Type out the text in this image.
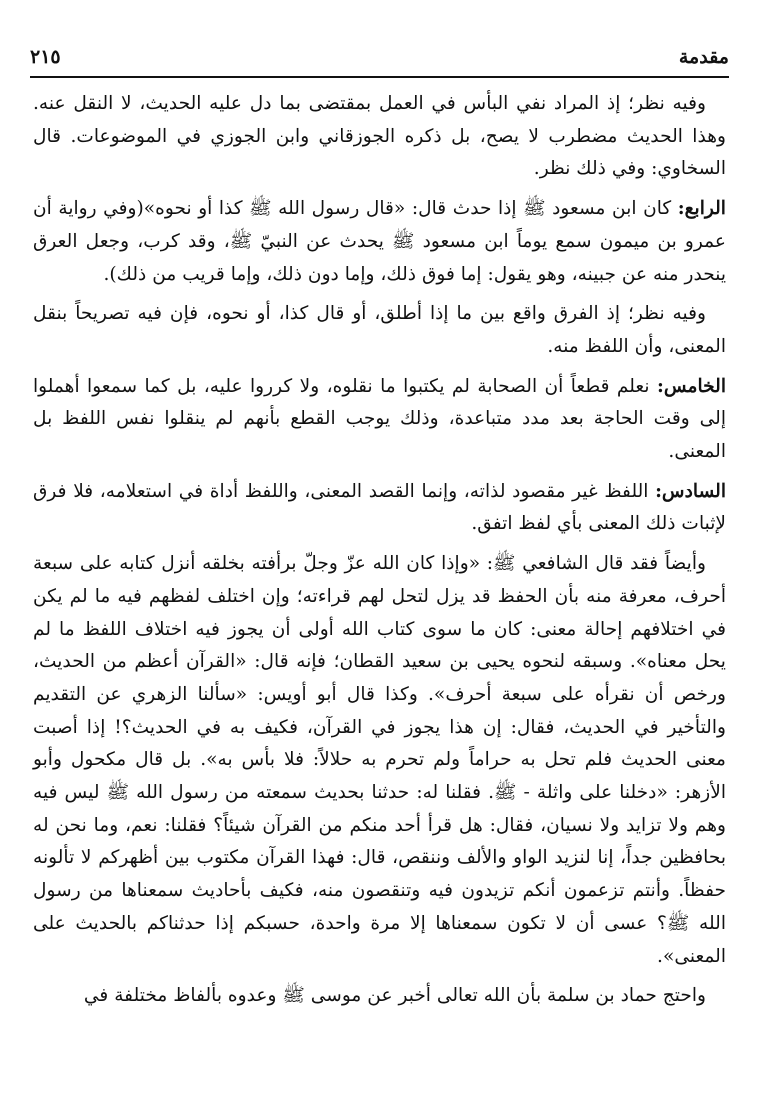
مقدمة
٢١٥

وفيه نظر؛ إذ المراد نفي البأس في العمل بمقتضى بما دل عليه الحديث، لا النقل عنه. وهذا الحديث مضطرب لا يصح، بل ذكره الجوزقاني وابن الجوزي في الموضوعات. قال السخاوي: وفي ذلك نظر.

الرابع: كان ابن مسعود ﷺ إذا حدث قال: «قال رسول الله ﷺ كذا أو نحوه»(وفي رواية أن عمرو بن ميمون سمع يوماً ابن مسعود ﷺ يحدث عن النبيّ ﷺ، وقد كرب، وجعل العرق ينحدر منه عن جبينه، وهو يقول: إما فوق ذلك، وإما دون ذلك، وإما قريب من ذلك).

وفيه نظر؛ إذ الفرق واقع بين ما إذا أطلق، أو قال كذا، أو نحوه، فإن فيه تصريحاً بنقل المعنى، وأن اللفظ منه.

الخامس: نعلم قطعاً أن الصحابة لم يكتبوا ما نقلوه، ولا كرروا عليه، بل كما سمعوا أهملوا إلى وقت الحاجة بعد مدد متباعدة، وذلك يوجب القطع بأنهم لم ينقلوا نفس اللفظ بل المعنى.

السادس: اللفظ غير مقصود لذاته، وإنما القصد المعنى، واللفظ أداة في استعلامه، فلا فرق لإثبات ذلك المعنى بأي لفظ اتفق.

وأيضاً فقد قال الشافعي ﷺ: «وإذا كان الله عزّ وجلّ برأفته بخلقه أنزل كتابه على سبعة أحرف، معرفة منه بأن الحفظ قد يزل لتحل لهم قراءته؛ وإن اختلف لفظهم فيه ما لم يكن في اختلافهم إحالة معنى: كان ما سوى كتاب الله أولى أن يجوز فيه اختلاف اللفظ ما لم يحل معناه». وسبقه لنحوه يحيى بن سعيد القطان؛ فإنه قال: «القرآن أعظم من الحديث، ورخص أن نقرأه على سبعة أحرف». وكذا قال أبو أويس: «سألنا الزهري عن التقديم والتأخير في الحديث، فقال: إن هذا يجوز في القرآن، فكيف به في الحديث؟! إذا أصبت معنى الحديث فلم تحل به حراماً ولم تحرم به حلالاً: فلا بأس به». بل قال مكحول وأبو الأزهر: «دخلنا على واثلة - ﷺ. فقلنا له: حدثنا بحديث سمعته من رسول الله ﷺ ليس فيه وهم ولا تزايد ولا نسيان، فقال: هل قرأ أحد منكم من القرآن شيئاً؟ فقلنا: نعم، وما نحن له بحافظين جداً، إنا لنزيد الواو والألف وننقص، قال: فهذا القرآن مكتوب بين أظهركم لا تألونه حفظاً. وأنتم تزعمون أنكم تزيدون فيه وتنقصون منه، فكيف بأحاديث سمعناها من رسول الله ﷺ؟ عسى أن لا تكون سمعناها إلا مرة واحدة، حسبكم إذا حدثناكم بالحديث على المعنى».

واحتج حماد بن سلمة بأن الله تعالى أخبر عن موسى ﷺ وعدوه بألفاظ مختلفة في
